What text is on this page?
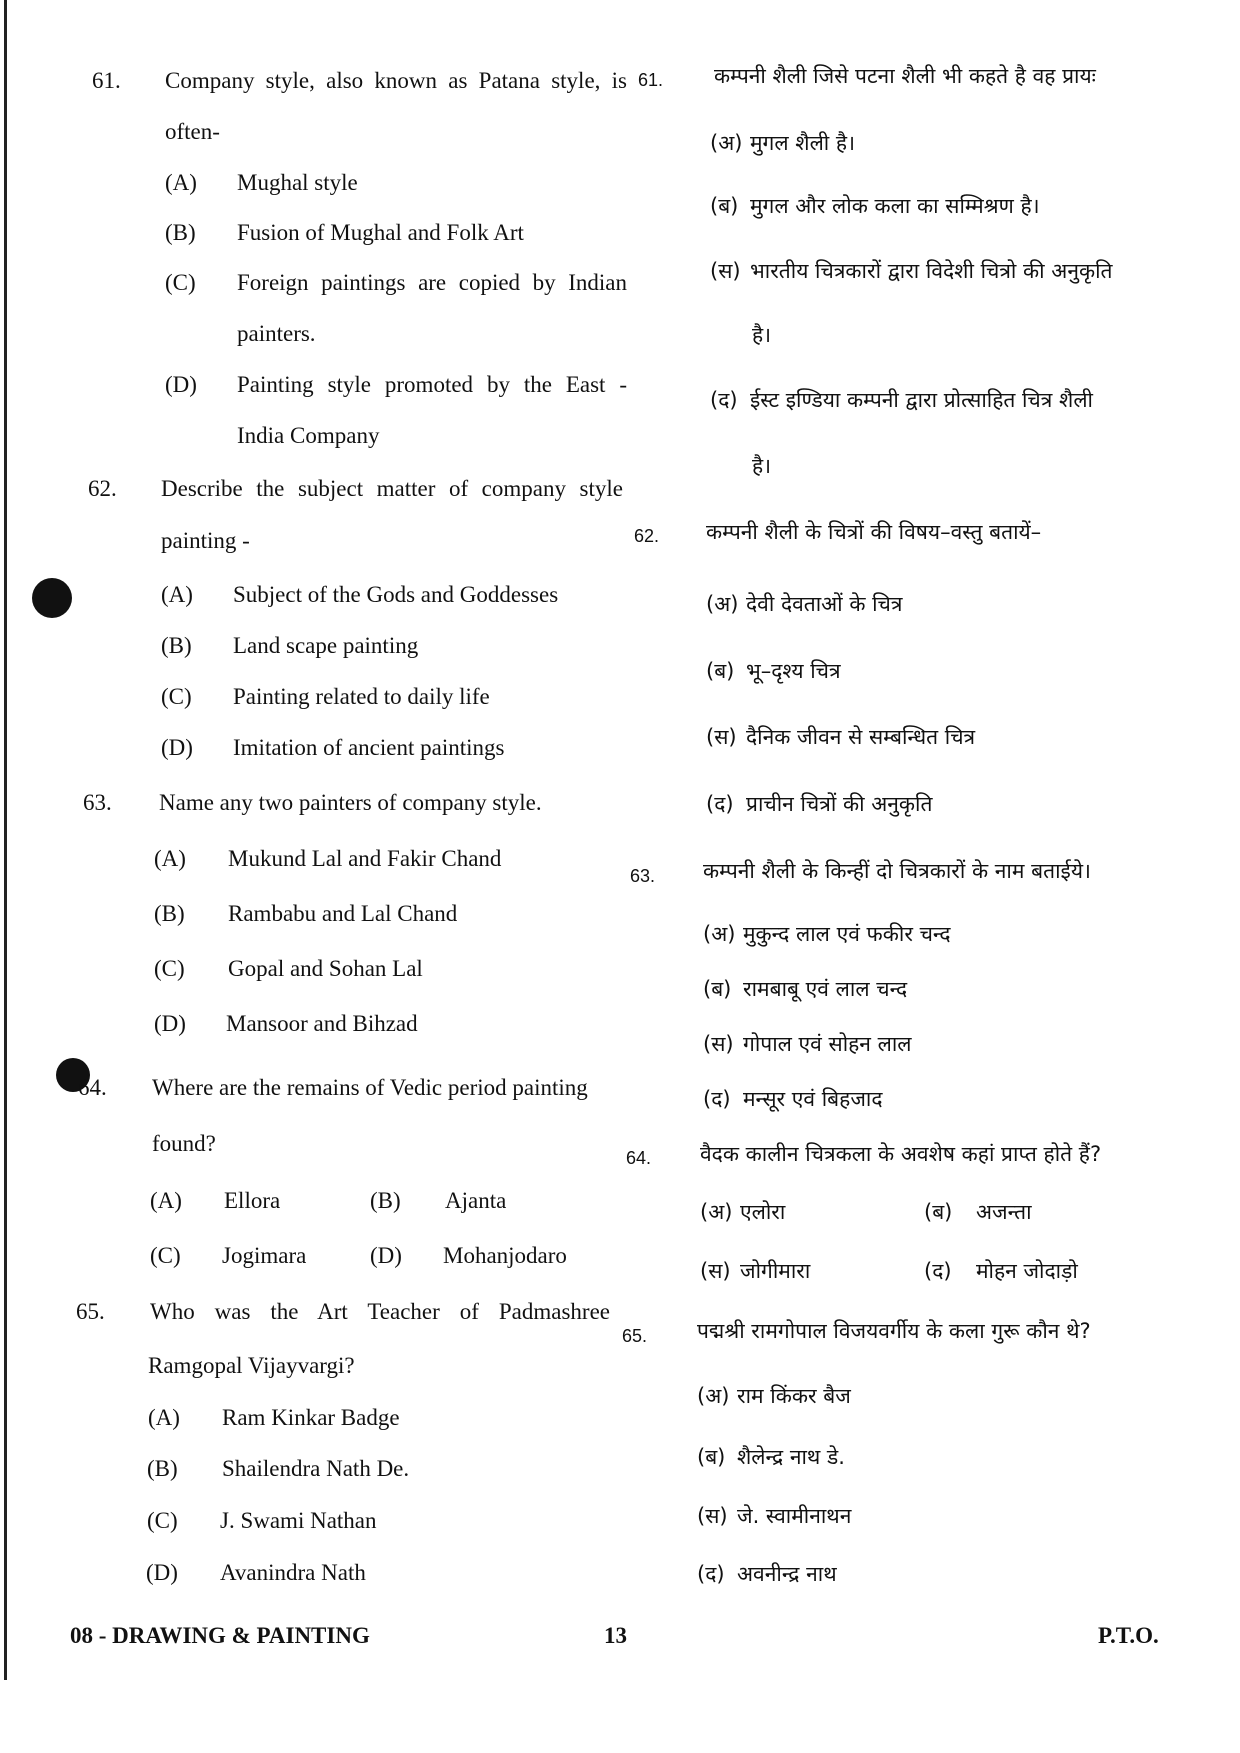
61. Company style, also known as Patana style, is
often-
(A) Mughal style
(B) Fusion of Mughal and Folk Art
(C) Foreign paintings are copied by Indian
painters.
(D) Painting style promoted by the East -
India Company
62. Describe the subject matter of company style
painting -
(A) Subject of the Gods and Goddesses
(B) Land scape painting
(C) Painting related to daily life
(D) Imitation of ancient paintings
63. Name any two painters of company style.
(A) Mukund Lal and Fakir Chand
(B) Rambabu and Lal Chand
(C) Gopal and Sohan Lal
(D) Mansoor and Bihzad
64. Where are the remains of Vedic period painting
found?
(A) Ellora	(B) Ajanta
(C) Jogimara	(D) Mohanjodaro
65. Who was the Art Teacher of Padmashree
Ramgopal Vijayvargi?
(A) Ram Kinkar Badge
(B) Shailendra Nath De.
(C) J. Swami Nathan
(D) Avanindra Nath
61. कम्पनी शैली जिसे पटना शैली भी कहते है वह प्रायः
(अ) मुगल शैली है।
(ब) मुगल और लोक कला का सम्मिश्रण है।
(स) भारतीय चित्रकारों द्वारा विदेशी चित्रो की अनुकृति
है।
(द) ईस्ट इण्डिया कम्पनी द्वारा प्रोत्साहित चित्र शैली
है।
62. कम्पनी शैली के चित्रों की विषय–वस्तु बतायें–
(अ) देवी देवताओं के चित्र
(ब) भू–दृश्य चित्र
(स) दैनिक जीवन से सम्बन्धित चित्र
(द) प्राचीन चित्रों की अनुकृति
63. कम्पनी शैली के किन्हीं दो चित्रकारों के नाम बताईये।
(अ) मुकुन्द लाल एवं फकीर चन्द
(ब) रामबाबू एवं लाल चन्द
(स) गोपाल एवं सोहन लाल
(द) मन्सूर एवं बिहजाद
64. वैदक कालीन चित्रकला के अवशेष कहां प्राप्त होते हैं?
(अ) एलोरा	(ब) अजन्ता
(स) जोगीमारा	(द) मोहन जोदाड़ो
65. पद्मश्री रामगोपाल विजयवर्गीय के कला गुरू कौन थे?
(अ) राम किंकर बैज
(ब) शैलेन्द्र नाथ डे.
(स) जे. स्वामीनाथन
(द) अवनीन्द्र नाथ
08 - DRAWING & PAINTING	13	P.T.O.
